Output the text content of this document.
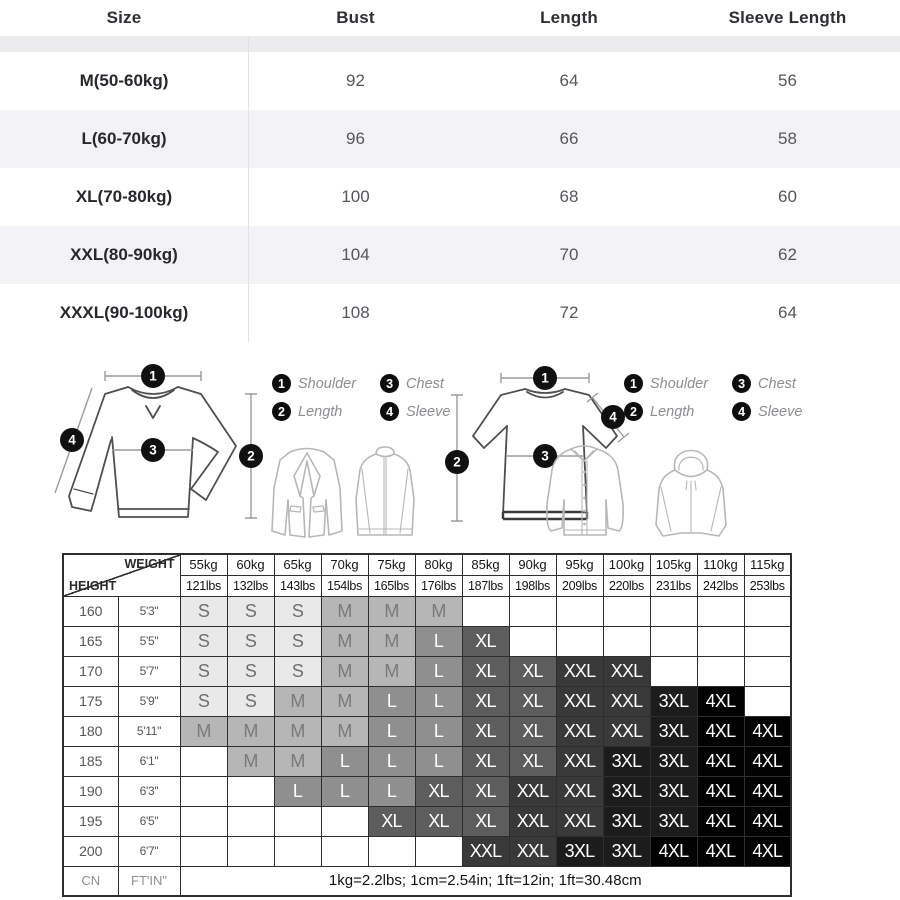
Size	Bust	Length	Sleeve Length
M(50-60kg)	92	64	56
L(60-70kg)	96	66	58
XL(70-80kg)	100	68	60
XXL(80-90kg)	104	70	62
XXXL(90-100kg)	108	72	64
1
2
3
4
1 Shoulder	3 Chest
2 Length	4 Sleeve
1
2	3
4
1 Shoulder	3 Chest
2 Length	4 Sleeve
WEIGHT
HEIGHT		55kg	60kg	65kg	70kg	75kg	80kg	85kg	90kg	95kg	100kg	105kg	110kg	115kg
		121lbs	132lbs	143lbs	154lbs	165lbs	176lbs	187lbs	198lbs	209lbs	220lbs	231lbs	242lbs	253lbs
160	5'3"	S	S	S	M	M	M							
165	5'5"	S	S	S	M	M	L	XL						
170	5'7"	S	S	S	M	M	L	XL	XL	XXL	XXL			
175	5'9"	S	S	M	M	L	L	XL	XL	XXL	XXL	3XL	4XL	
180	5'11"	M	M	M	M	L	L	XL	XL	XXL	XXL	3XL	4XL	4XL
185	6'1"		M	M	L	L	L	XL	XL	XXL	3XL	3XL	4XL	4XL
190	6'3"			L	L	L	XL	XL	XXL	XXL	3XL	3XL	4XL	4XL
195	6'5"					XL	XL	XL	XXL	XXL	3XL	3XL	4XL	4XL
200	6'7"							XXL	XXL	3XL	3XL	4XL	4XL	4XL
CN	FT'IN"	1kg=2.2lbs; 1cm=2.54in; 1ft=12in; 1ft=30.48cm												
